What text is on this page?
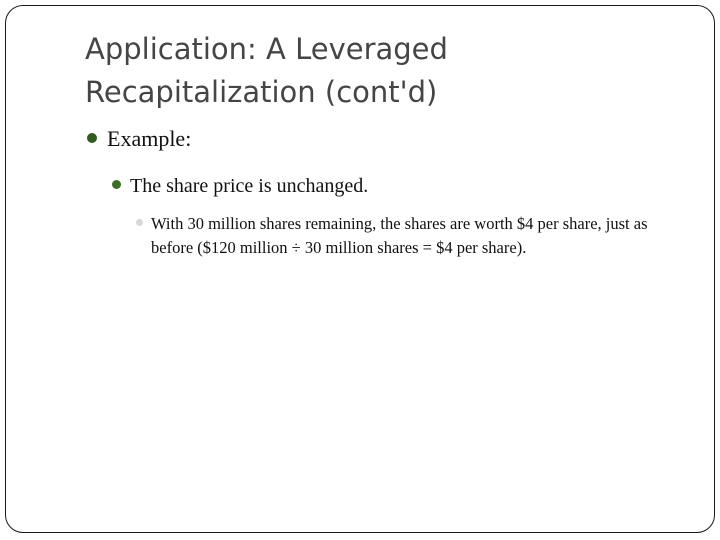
Application: A Leveraged Recapitalization (cont'd)
Example:
The share price is unchanged.
With 30 million shares remaining, the shares are worth $4 per share, just as before ($120 million ÷ 30 million shares = $4 per share).
